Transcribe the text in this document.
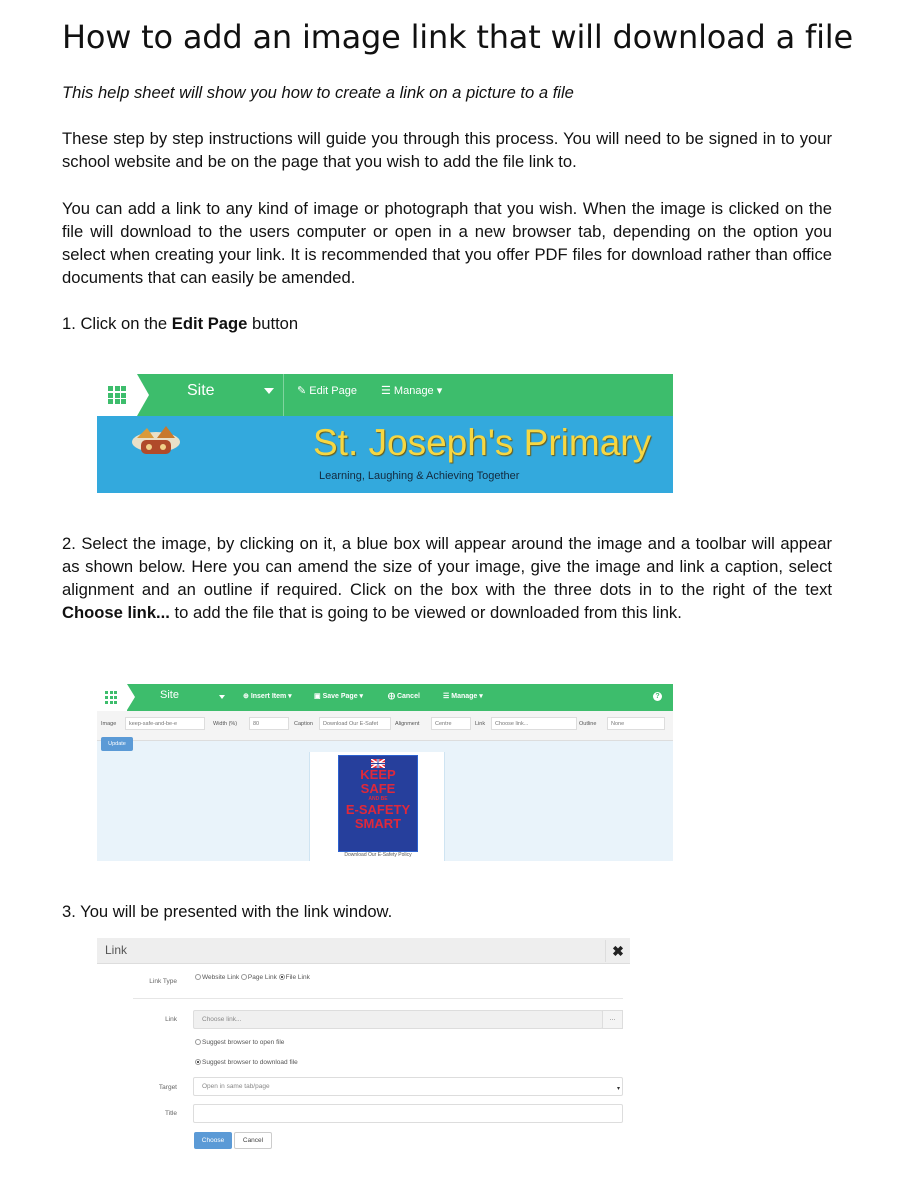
How to add an image link that will download a file
This help sheet will show you how to create a link on a picture to a file
These step by step instructions will guide you through this process. You will need to be signed in to your school website and be on the page that you wish to add the file link to.
You can add a link to any kind of image or photograph that you wish. When the image is clicked on the file will download to the users computer or open in a new browser tab, depending on the option you select when creating your link. It is recommended that you offer PDF files for download rather than office documents that can easily be amended.
1. Click on the Edit Page button
Site	✎ Edit Page ☰ Manage ▾
St. Joseph's Primary
Learning, Laughing & Achieving Together
2. Select the image, by clicking on it, a blue box will appear around the image and a toolbar will appear as shown below. Here you can amend the size of your image, give the image and link a caption, select alignment and an outline if required. Click on the box with the three dots in to the right of the text Choose link... to add the file that is going to be viewed or downloaded from this link.
Site	⊕ Insert Item ▾	▣ Save Page ▾	⨁ Cancel	☰ Manage ▾	?
Image	keep-safe-and-be-e	Width (%)	80	Caption	Download Our E-Safet	Alignment	Centre	Link	Choose link...	Outline	None
Update
KEEP
SAFE
AND BE
E-SAFETY
SMART
Download Our E-Safety Policy
3. You will be presented with the link window.
Link	✖
Link Type
Website Link Page Link File Link
Link	Choose link...	...
Suggest browser to open file
Suggest browser to download file
Target	Open in same tab/page	▾
Title
Choose	Cancel
